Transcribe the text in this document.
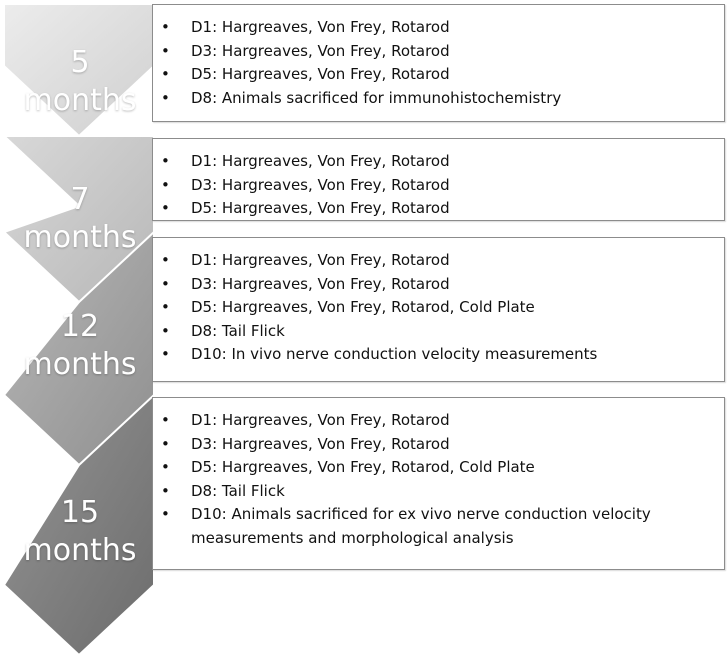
5
months
7
months
12
months
15
months
•	D1: Hargreaves, Von Frey, Rotarod
•	D3: Hargreaves, Von Frey, Rotarod
•	D5: Hargreaves, Von Frey, Rotarod
•	D8: Animals sacrificed for immunohistochemistry
•	D1: Hargreaves, Von Frey, Rotarod
•	D3: Hargreaves, Von Frey, Rotarod
•	D5: Hargreaves, Von Frey, Rotarod
•	D1: Hargreaves, Von Frey, Rotarod
•	D3: Hargreaves, Von Frey, Rotarod
•	D5: Hargreaves, Von Frey, Rotarod, Cold Plate
•	D8: Tail Flick
•	D10: In vivo nerve conduction velocity measurements
•	D1: Hargreaves, Von Frey, Rotarod
•	D3: Hargreaves, Von Frey, Rotarod
•	D5: Hargreaves, Von Frey, Rotarod, Cold Plate
•	D8: Tail Flick
•	D10: Animals sacrificed for ex vivo nerve conduction velocity measurements and morphological analysis
